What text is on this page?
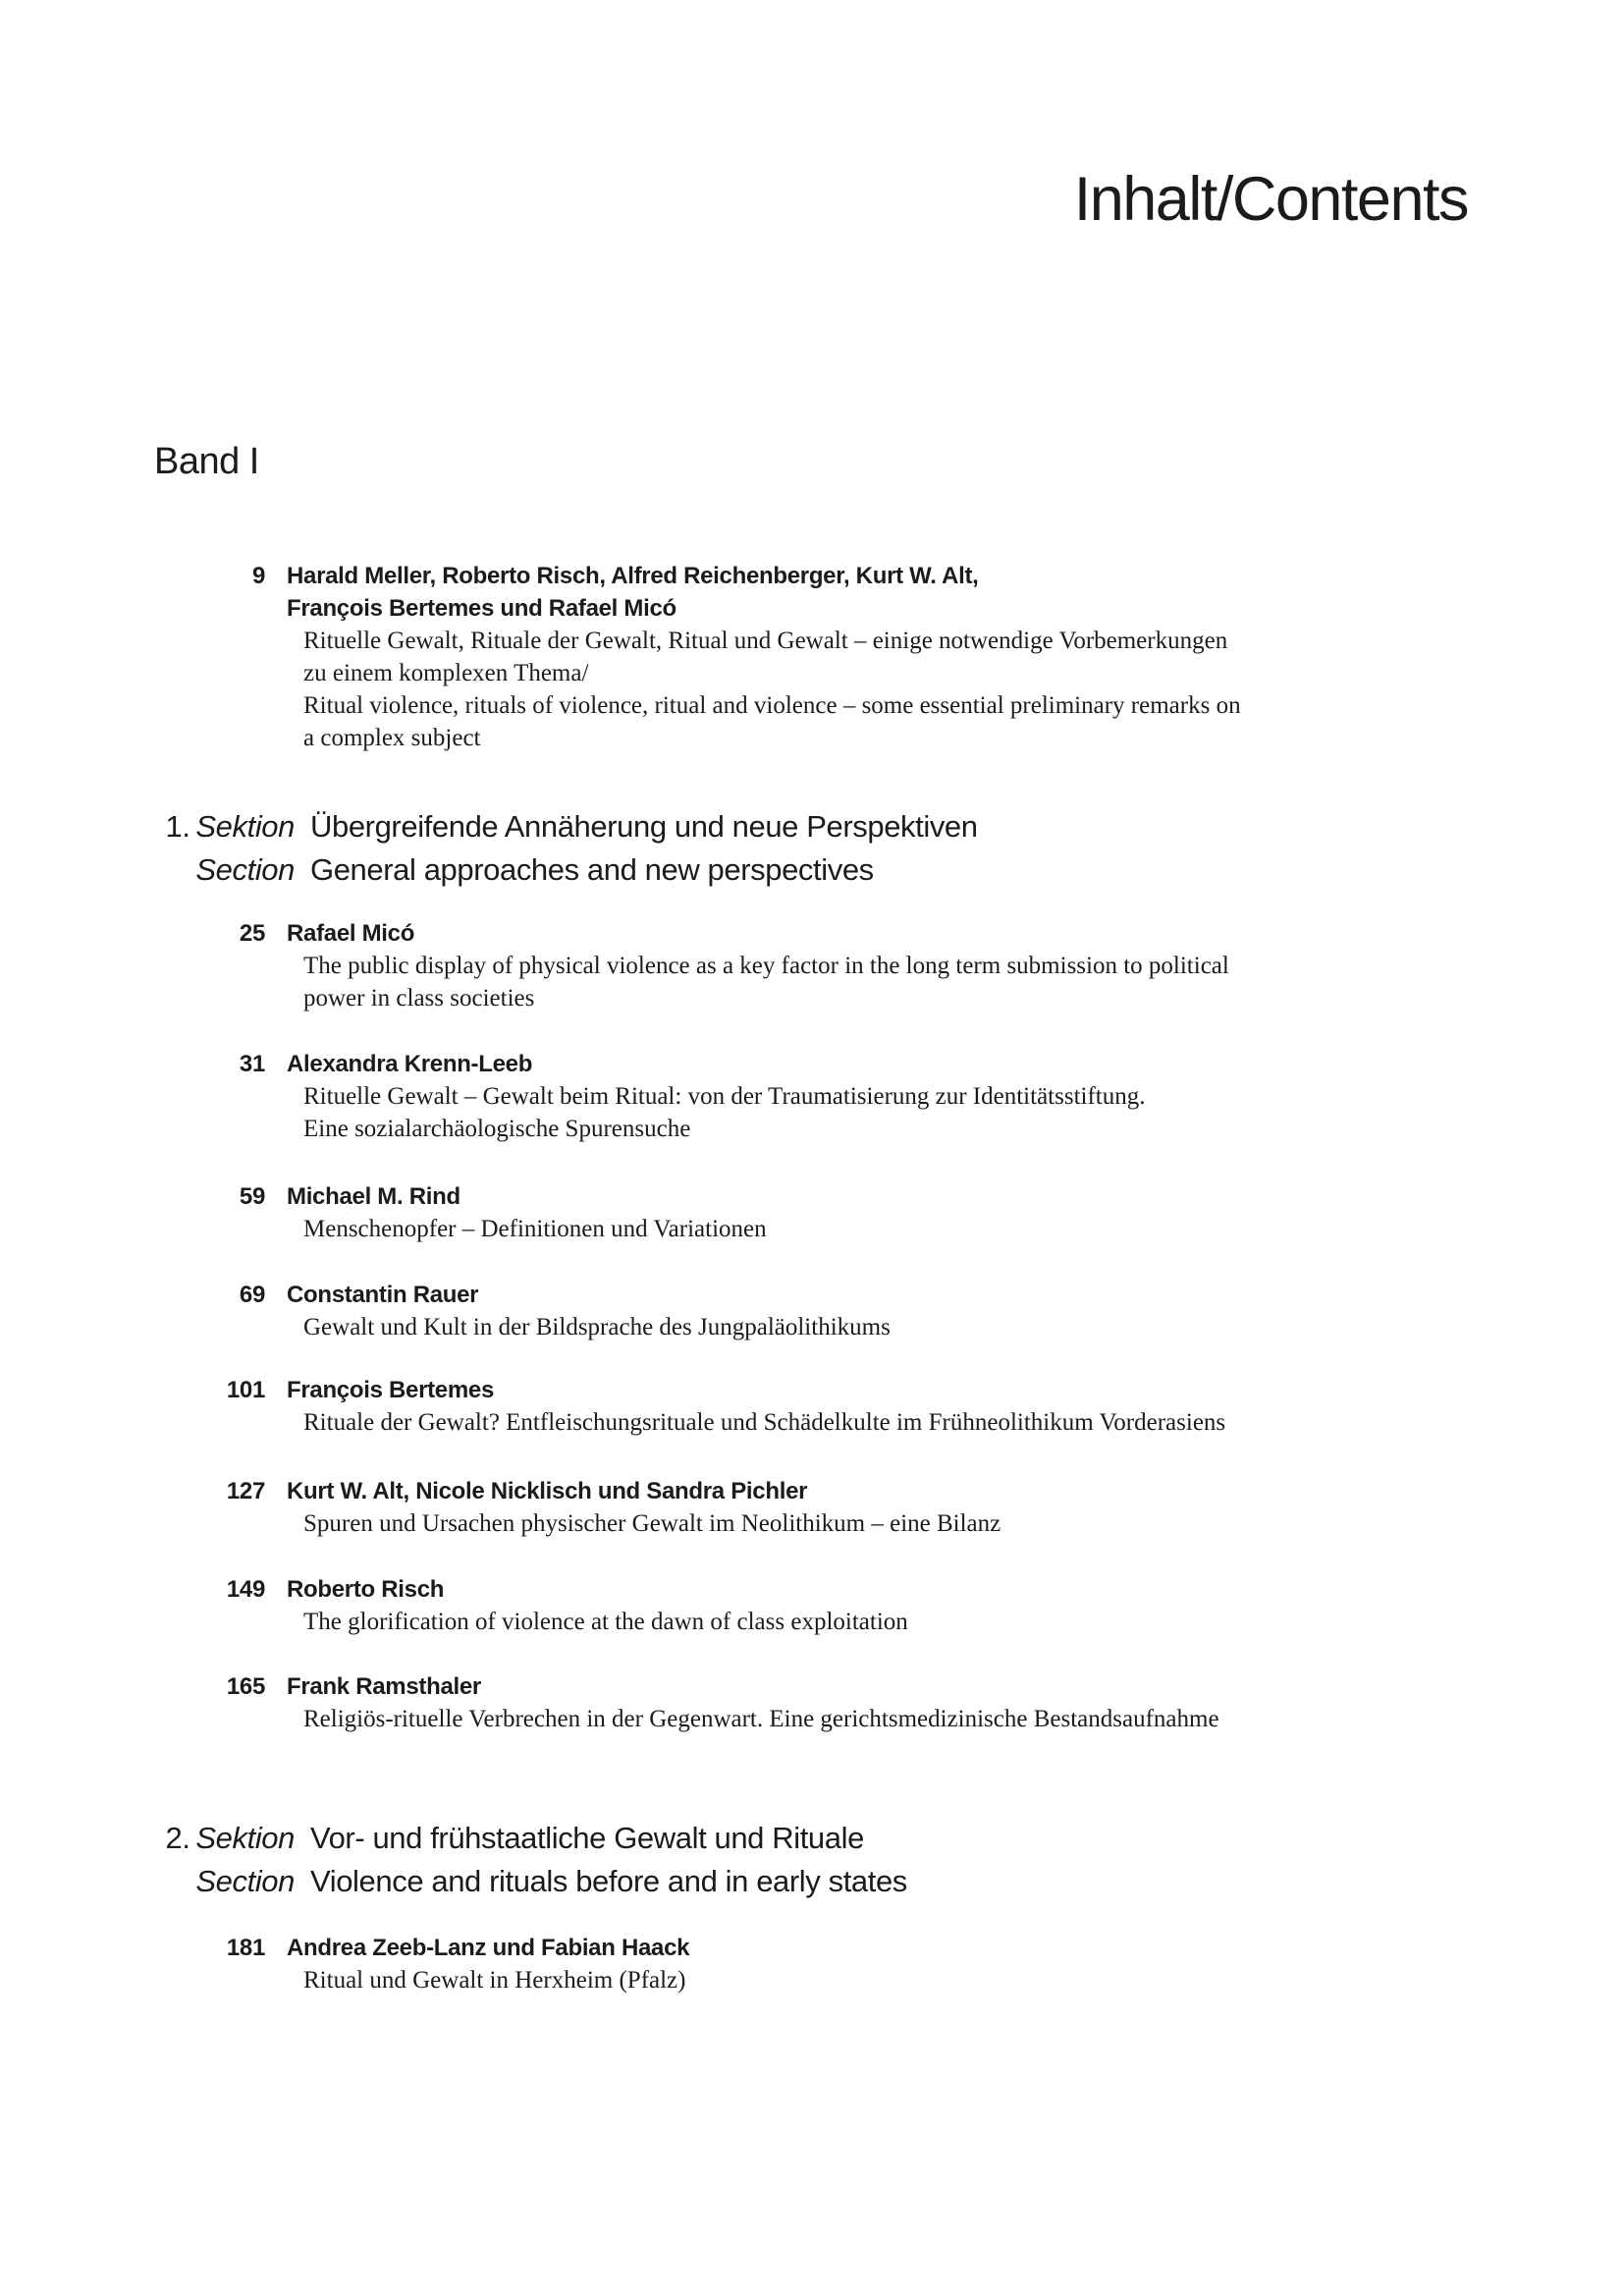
Inhalt/Contents
Band I
9 Harald Meller, Roberto Risch, Alfred Reichenberger, Kurt W. Alt,
François Bertemes und Rafael Micó
Rituelle Gewalt, Rituale der Gewalt, Ritual und Gewalt – einige notwendige Vorbemerkungen
zu einem komplexen Thema/
Ritual violence, rituals of violence, ritual and violence – some essential preliminary remarks on
a complex subject
1.  Sektion
Section
Übergreifende Annäherung und neue Perspektiven
General approaches and new perspectives
25 Rafael Micó
The public display of physical violence as a key factor in the long term submission to political
power in class societies
31 Alexandra Krenn-Leeb
Rituelle Gewalt – Gewalt beim Ritual: von der Traumatisierung zur Identitätsstiftung.
Eine sozialarchäologische Spurensuche
59 Michael M. Rind
Menschenopfer – Definitionen und Variationen
69 Constantin Rauer
Gewalt und Kult in der Bildsprache des Jungpaläolithikums
101 François Bertemes
Rituale der Gewalt? Entfleischungsrituale und Schädelkulte im Frühneolithikum Vorderasiens
127 Kurt W. Alt, Nicole Nicklisch und Sandra Pichler
Spuren und Ursachen physischer Gewalt im Neolithikum – eine Bilanz
149 Roberto Risch
The glorification of violence at the dawn of class exploitation
165 Frank Ramsthaler
Religiös-rituelle Verbrechen in der Gegenwart. Eine gerichtsmedizinische Bestandsaufnahme
2.  Sektion
Section
Vor- und frühstaatliche Gewalt und Rituale
Violence and rituals before and in early states
181 Andrea Zeeb-Lanz und Fabian Haack
Ritual und Gewalt in Herxheim (Pfalz)
